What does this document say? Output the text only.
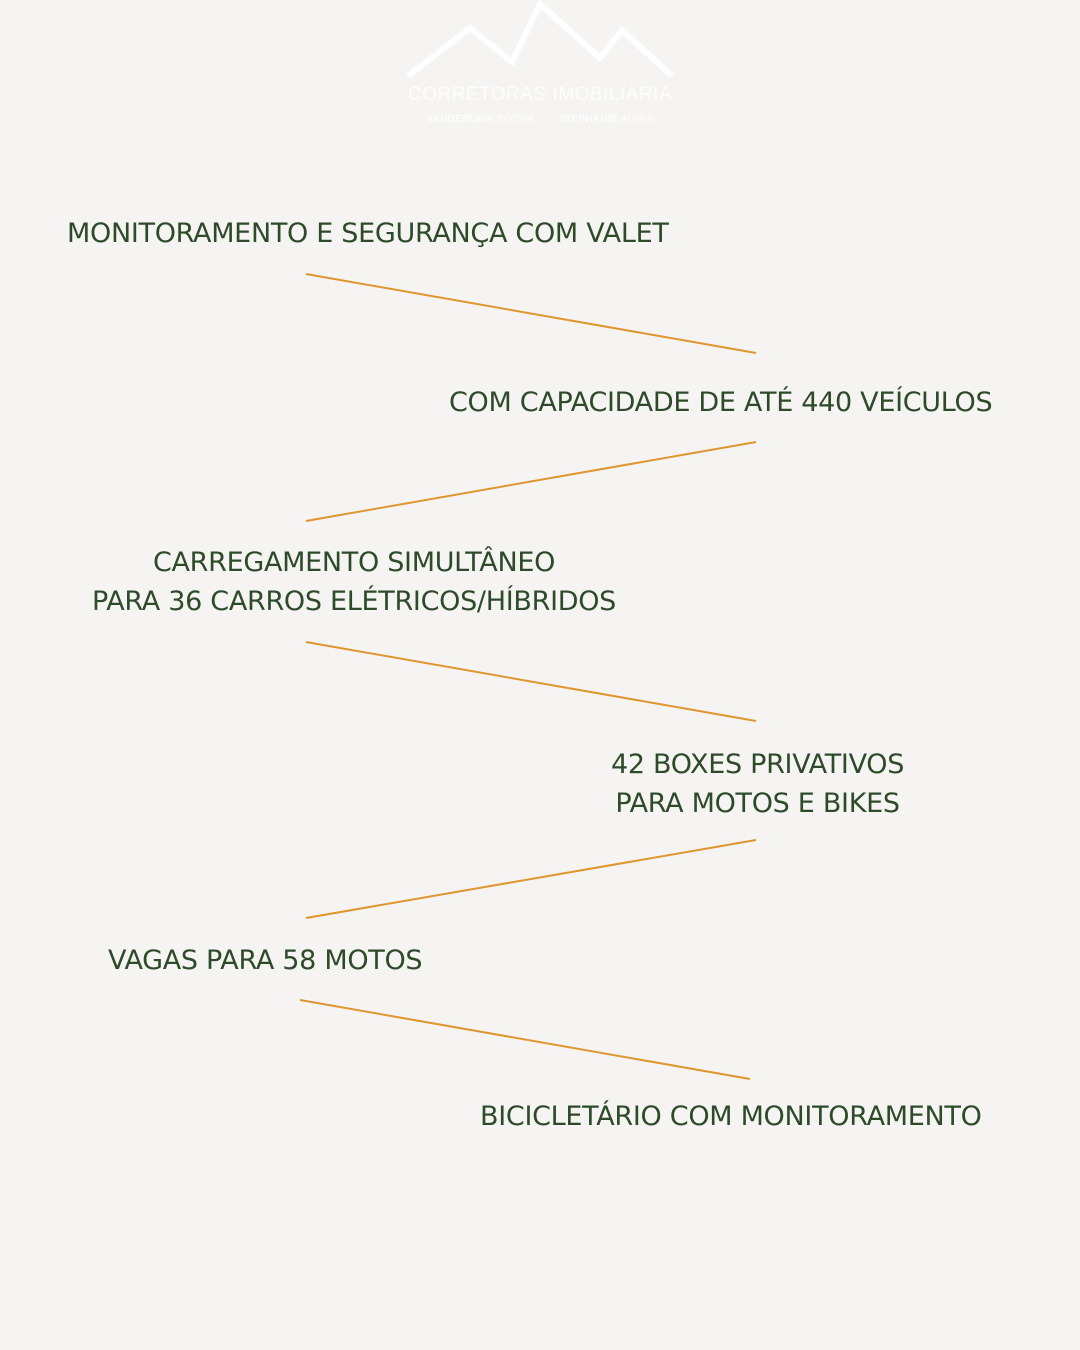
CORRETORAS IMOBILIÁRIA
VANDERLÉIA ROCHA STEPHANIE ALVES
MONITORAMENTO E SEGURANÇA COM VALET
COM CAPACIDADE DE ATÉ 440 VEÍCULOS
CARREGAMENTO SIMULTÂNEO
PARA 36 CARROS ELÉTRICOS/HÍBRIDOS
42 BOXES PRIVATIVOS
PARA MOTOS E BIKES
VAGAS PARA 58 MOTOS
BICICLETÁRIO COM MONITORAMENTO
